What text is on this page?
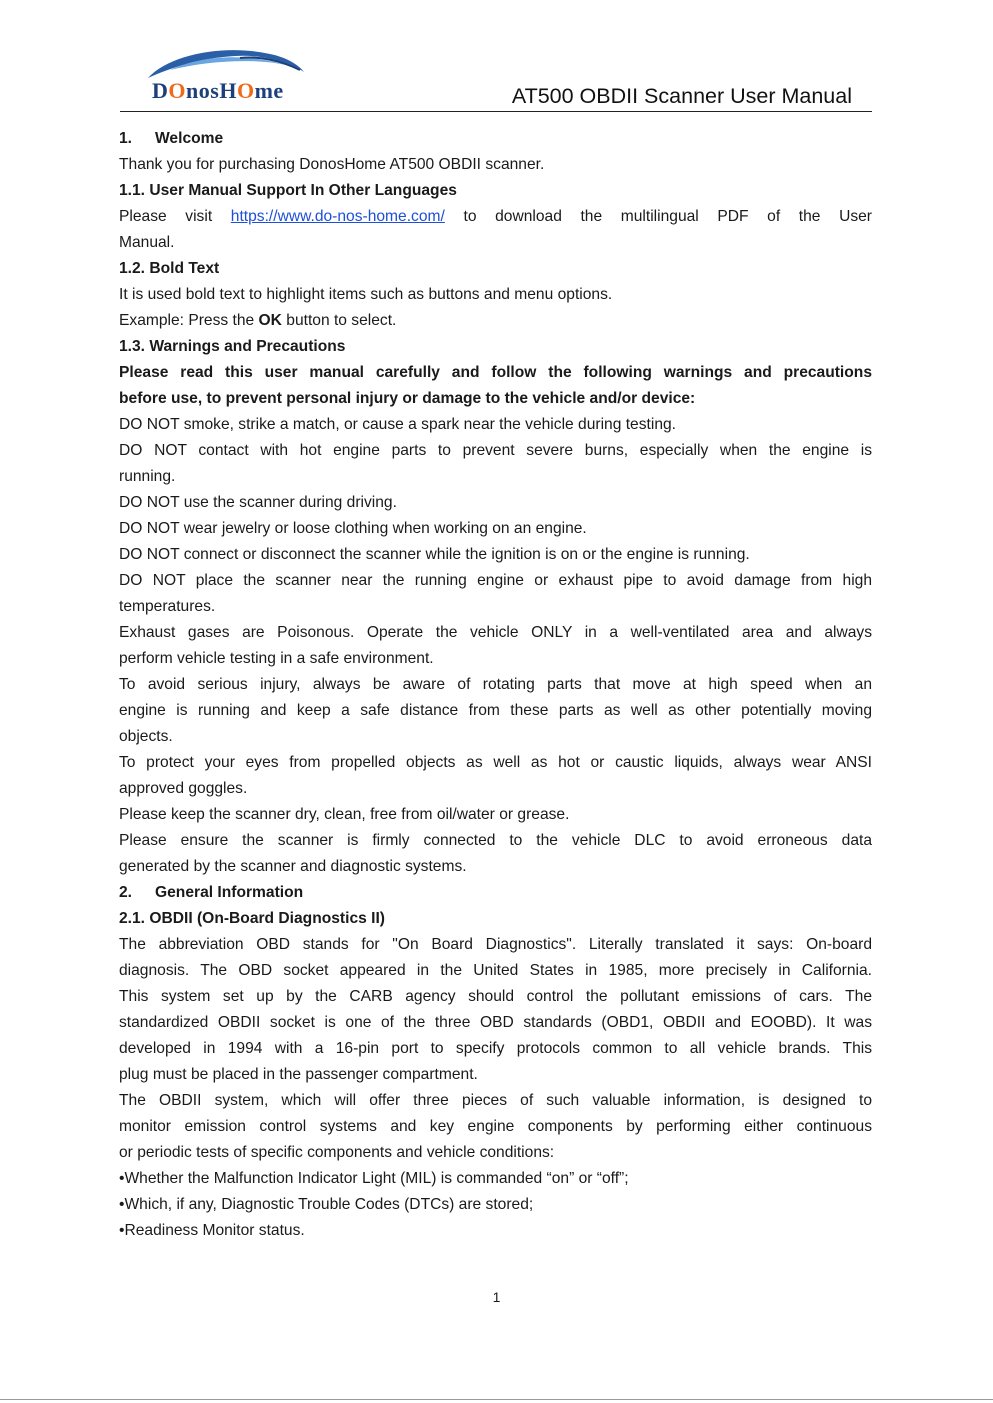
DOnosHOme	AT500 OBDII Scanner User Manual
1. Welcome
Thank you for purchasing DonosHome AT500 OBDII scanner.
1.1. User Manual Support In Other Languages
Please visit https://www.do-nos-home.com/ to download the multilingual PDF of the User
Manual.
1.2. Bold Text
It is used bold text to highlight items such as buttons and menu options.
Example: Press the OK button to select.
1.3. Warnings and Precautions
Please read this user manual carefully and follow the following warnings and precautions
before use, to prevent personal injury or damage to the vehicle and/or device:
DO NOT smoke, strike a match, or cause a spark near the vehicle during testing.
DO NOT contact with hot engine parts to prevent severe burns, especially when the engine is
running.
DO NOT use the scanner during driving.
DO NOT wear jewelry or loose clothing when working on an engine.
DO NOT connect or disconnect the scanner while the ignition is on or the engine is running.
DO NOT place the scanner near the running engine or exhaust pipe to avoid damage from high
temperatures.
Exhaust gases are Poisonous. Operate the vehicle ONLY in a well-ventilated area and always
perform vehicle testing in a safe environment.
To avoid serious injury, always be aware of rotating parts that move at high speed when an
engine is running and keep a safe distance from these parts as well as other potentially moving
objects.
To protect your eyes from propelled objects as well as hot or caustic liquids, always wear ANSI
approved goggles.
Please keep the scanner dry, clean, free from oil/water or grease.
Please ensure the scanner is firmly connected to the vehicle DLC to avoid erroneous data
generated by the scanner and diagnostic systems.
2. General Information
2.1. OBDII (On-Board Diagnostics II)
The abbreviation OBD stands for "On Board Diagnostics". Literally translated it says: On-board
diagnosis. The OBD socket appeared in the United States in 1985, more precisely in California.
This system set up by the CARB agency should control the pollutant emissions of cars. The
standardized OBDII socket is one of the three OBD standards (OBD1, OBDII and EOOBD). It was
developed in 1994 with a 16-pin port to specify protocols common to all vehicle brands. This
plug must be placed in the passenger compartment.
The OBDII system, which will offer three pieces of such valuable information, is designed to
monitor emission control systems and key engine components by performing either continuous
or periodic tests of specific components and vehicle conditions:
•Whether the Malfunction Indicator Light (MIL) is commanded “on” or “off”;
•Which, if any, Diagnostic Trouble Codes (DTCs) are stored;
•Readiness Monitor status.
1
